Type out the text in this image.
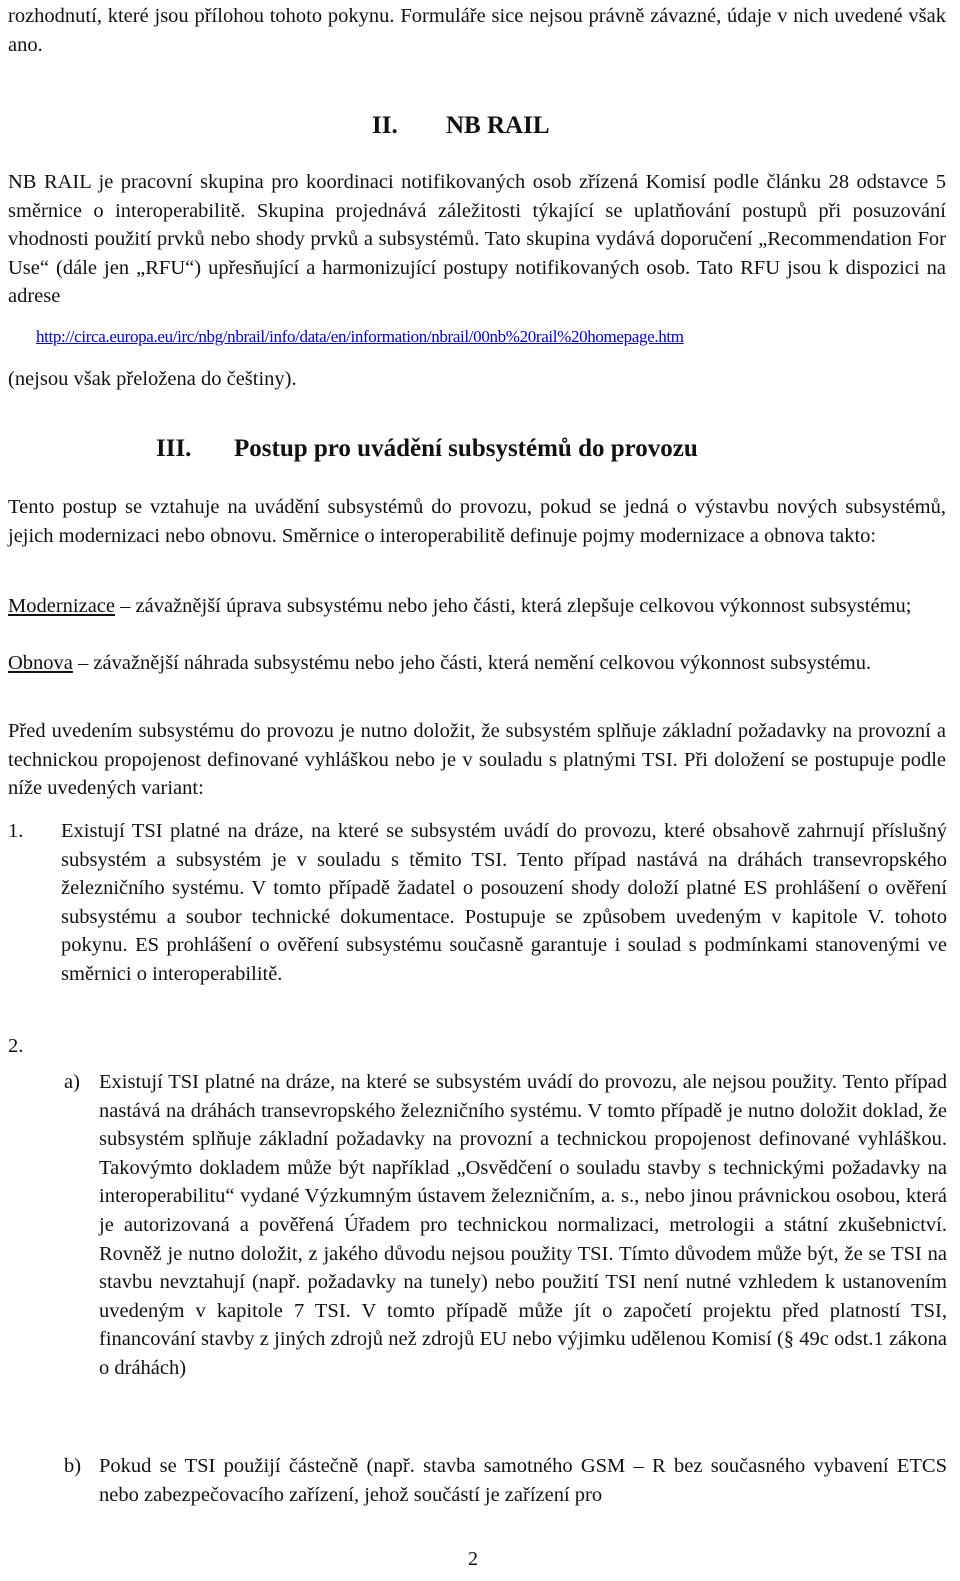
rozhodnutí, které jsou přílohou tohoto pokynu. Formuláře sice nejsou právně závazné, údaje v nich uvedené však ano.

II. NB RAIL

NB RAIL je pracovní skupina pro koordinaci notifikovaných osob zřízená Komisí podle článku 28 odstavce 5 směrnice o interoperabilitě. Skupina projednává záležitosti týkající se uplatňování postupů při posuzování vhodnosti použití prvků nebo shody prvků a subsystémů. Tato skupina vydává doporučení „Recommendation For Use“ (dále jen „RFU“) upřesňující a harmonizující postupy notifikovaných osob. Tato RFU jsou k dispozici na adrese

http://circa.europa.eu/irc/nbg/nbrail/info/data/en/information/nbrail/00nb%20rail%20homepage.htm

(nejsou však přeložena do češtiny).

III. Postup pro uvádění subsystémů do provozu

Tento postup se vztahuje na uvádění subsystémů do provozu, pokud se jedná o výstavbu nových subsystémů, jejich modernizaci nebo obnovu. Směrnice o interoperabilitě definuje pojmy modernizace a obnova takto:

Modernizace – závažnější úprava subsystému nebo jeho části, která zlepšuje celkovou výkonnost subsystému;

Obnova – závažnější náhrada subsystému nebo jeho části, která nemění celkovou výkonnost subsystému.

Před uvedením subsystému do provozu je nutno doložit, že subsystém splňuje základní požadavky na provozní a technickou propojenost definované vyhláškou nebo je v souladu s platnými TSI. Při doložení se postupuje podle níže uvedených variant:

1. Existují TSI platné na dráze, na které se subsystém uvádí do provozu, které obsahově zahrnují příslušný subsystém a subsystém je v souladu s těmito TSI. Tento případ nastává na dráhách transevropského železničního systému. V tomto případě žadatel o posouzení shody doloží platné ES prohlášení o ověření subsystému a soubor technické dokumentace. Postupuje se způsobem uvedeným v kapitole V. tohoto pokynu. ES prohlášení o ověření subsystému současně garantuje i soulad s podmínkami stanovenými ve směrnici o interoperabilitě.

2.
a) Existují TSI platné na dráze, na které se subsystém uvádí do provozu, ale nejsou použity. Tento případ nastává na dráhách transevropského železničního systému. V tomto případě je nutno doložit doklad, že subsystém splňuje základní požadavky na provozní a technickou propojenost definované vyhláškou. Takovýmto dokladem může být například „Osvědčení o souladu stavby s technickými požadavky na interoperabilitu“ vydané Výzkumným ústavem železničním, a. s., nebo jinou právnickou osobou, která je autorizovaná a pověřená Úřadem pro technickou normalizaci, metrologii a státní zkušebnictví. Rovněž je nutno doložit, z jakého důvodu nejsou použity TSI. Tímto důvodem může být, že se TSI na stavbu nevztahují (např. požadavky na tunely) nebo použití TSI není nutné vzhledem k ustanovením uvedeným v kapitole 7 TSI. V tomto případě může jít o započetí projektu před platností TSI, financování stavby z jiných zdrojů než zdrojů EU nebo výjimku udělenou Komisí (§ 49c odst.1 zákona o dráhách)

b) Pokud se TSI použijí částečně (např. stavba samotného GSM – R bez současného vybavení ETCS nebo zabezpečovacího zařízení, jehož součástí je zařízení pro

2
